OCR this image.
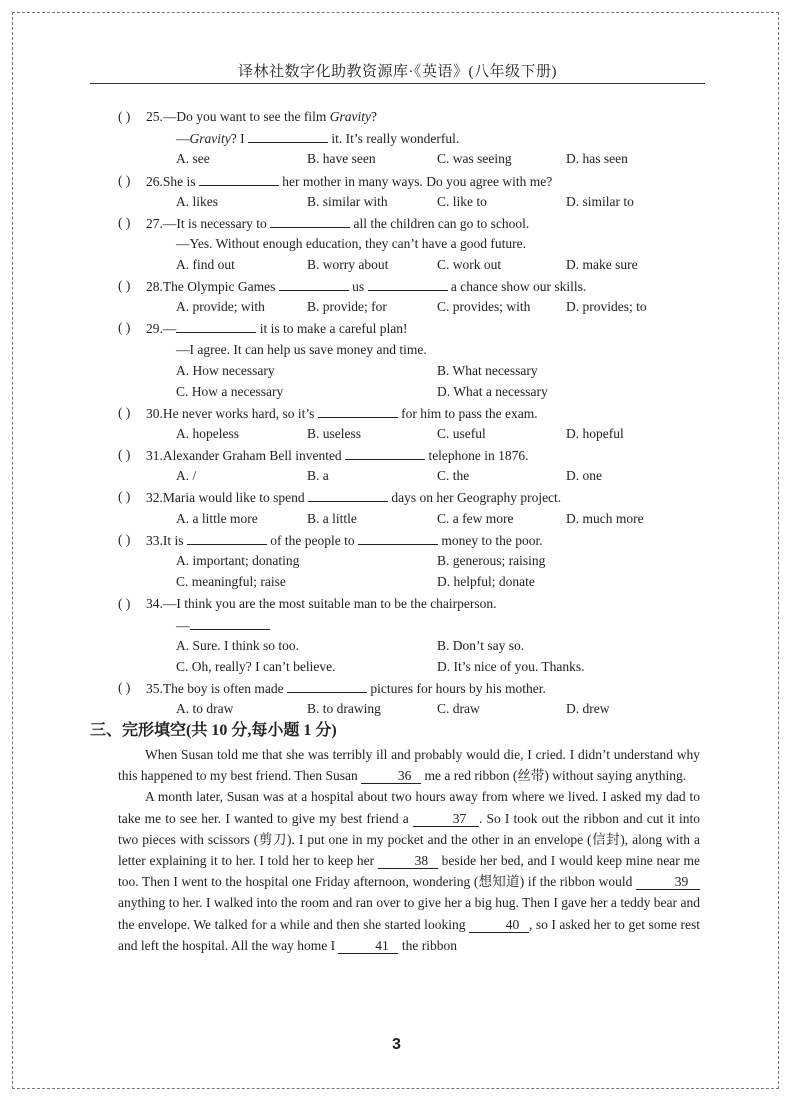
译林社数字化助教资源库·《英语》(八年级下册)
( ) 25.—Do you want to see the film Gravity?
—Gravity? I	it. It’s really wonderful.
A. see	B. have seen	C. was seeing	D. has seen
( ) 26.She is	her mother in many ways. Do you agree with me?
A. likes	B. similar with	C. like to	D. similar to
( ) 27.—It is necessary to	all the children can go to school.
—Yes. Without enough education, they can’t have a good future.
A. find out	B. worry about	C. work out	D. make sure
( ) 28.The Olympic Games	us	a chance show our skills.
A. provide; with	B. provide; for	C. provides; with	D. provides; to
( ) 29.—	it is to make a careful plan!
—I agree. It can help us save money and time.
A. How necessary	B. What necessary
C. How a necessary	D. What a necessary
( ) 30.He never works hard, so it’s	for him to pass the exam.
A. hopeless	B. useless	C. useful	D. hopeful
( ) 31.Alexander Graham Bell invented	telephone in 1876.
A. /	B. a	C. the	D. one
( ) 32.Maria would like to spend	days on her Geography project.
A. a little more	B. a little	C. a few more	D. much more
( ) 33.It is	of the people to	money to the poor.
A. important; donating	B. generous; raising
C. meaningful; raise	D. helpful; donate
( ) 34.—I think you are the most suitable man to be the chairperson.
—
A. Sure. I think so too.	B. Don’t say so.
C. Oh, really? I can’t believe.	D. It’s nice of you. Thanks.
( ) 35.The boy is often made	pictures for hours by his mother.
A. to draw	B. to drawing	C. draw	D. drew
三、完形填空(共 10 分,每小题 1 分)

When Susan told me that she was terribly ill and probably would die, I cried. I didn’t understand why this happened to my best friend. Then Susan	36 me a red ribbon (丝带) without saying anything.

A month later, Susan was at a hospital about two hours away from where we lived. I asked my dad to take me to see her. I wanted to give my best friend a	37 . So I took out the ribbon and cut it into two pieces with scissors (剪刀). I put one in my pocket and the other in an envelope (信封), along with a letter explaining it to her. I told her to keep her	38 beside her bed, and I would keep mine near me too. Then I went to the hospital one Friday afternoon, wondering (想知道) if the ribbon would	39 anything to her. I walked into the room and ran over to give her a big hug. Then I gave her a teddy bear and the envelope. We talked for a while and then she started looking	40 , so I asked her to get some rest and left the hospital. All the way home I	41 the ribbon

3
